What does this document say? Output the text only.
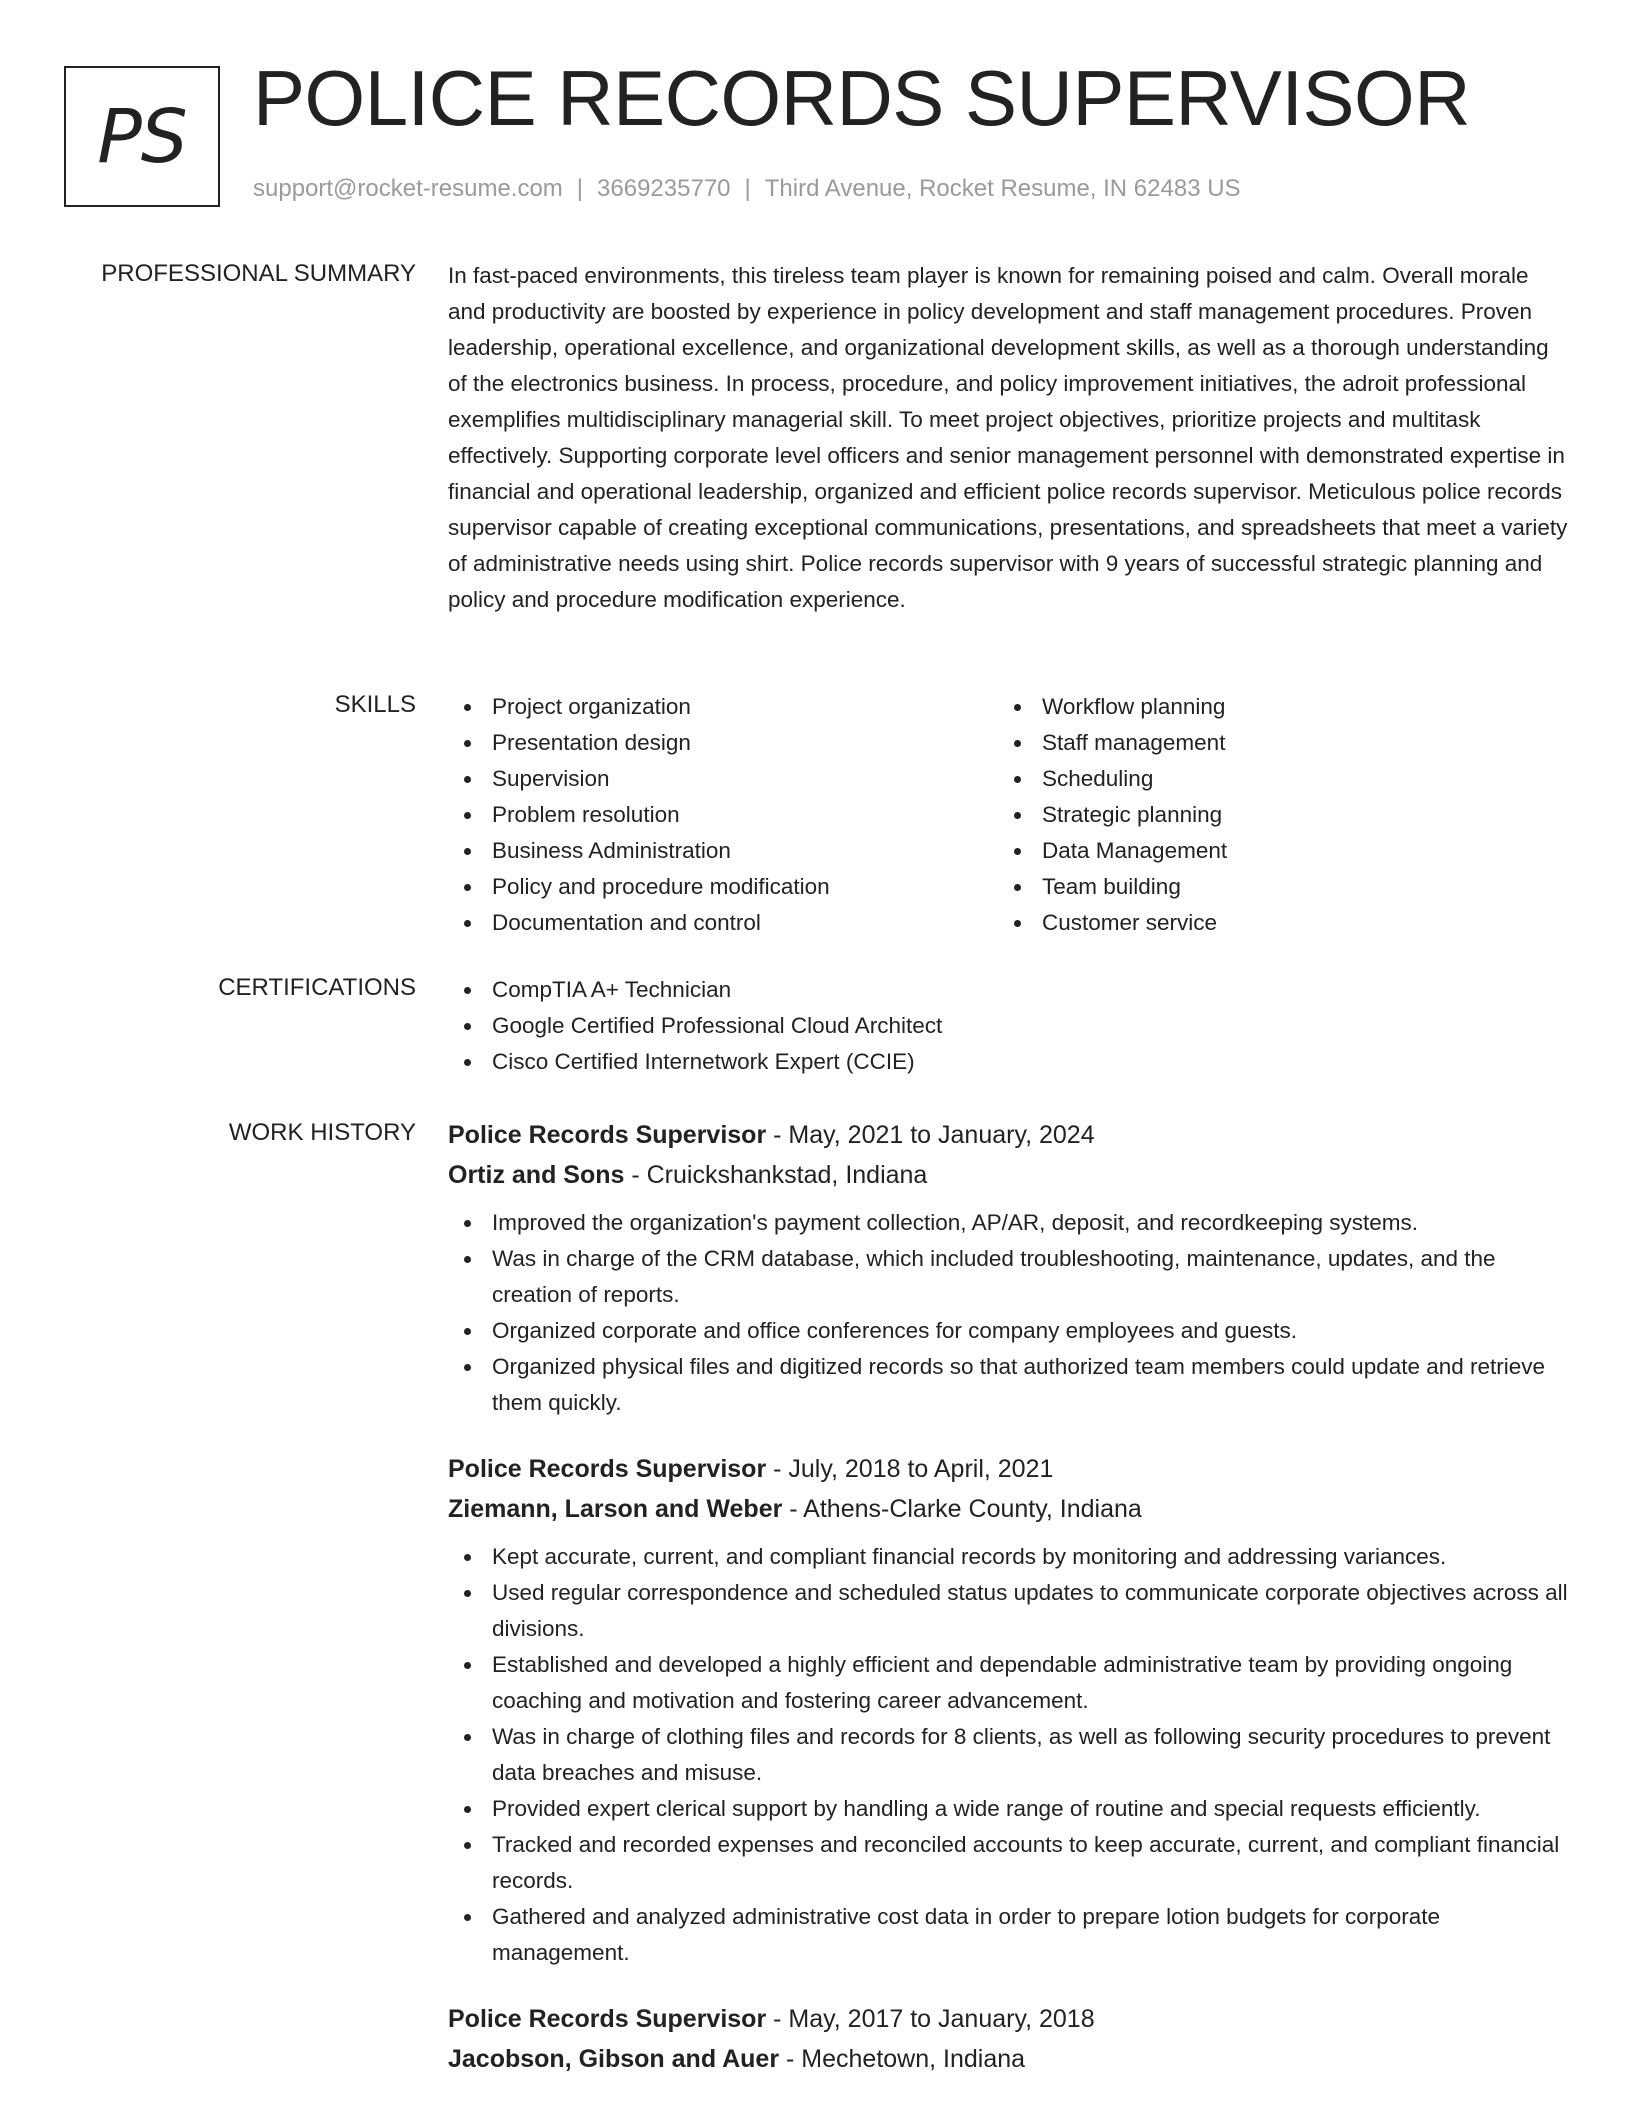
PS POLICE RECORDS SUPERVISOR
support@rocket-resume.com | 3669235770 | Third Avenue, Rocket Resume, IN 62483 US
PROFESSIONAL SUMMARY In fast-paced environments, this tireless team player is known for remaining poised and calm. Overall morale and productivity are boosted by experience in policy development and staff management procedures. Proven leadership, operational excellence, and organizational development skills, as well as a thorough understanding of the electronics business. In process, procedure, and policy improvement initiatives, the adroit professional exemplifies multidisciplinary managerial skill. To meet project objectives, prioritize projects and multitask effectively. Supporting corporate level officers and senior management personnel with demonstrated expertise in financial and operational leadership, organized and efficient police records supervisor. Meticulous police records supervisor capable of creating exceptional communications, presentations, and spreadsheets that meet a variety of administrative needs using shirt. Police records supervisor with 9 years of successful strategic planning and policy and procedure modification experience.

SKILLS	Project organization
Presentation design
Supervision
Problem resolution
Business Administration
Policy and procedure modification
Documentation and control
Workflow planning
Staff management
Scheduling
Strategic planning
Data Management
Team building
Customer service
CERTIFICATIONS	CompTIA A+ Technician
Google Certified Professional Cloud Architect
Cisco Certified Internetwork Expert (CCIE)
WORK HISTORY Police Records Supervisor - May, 2021 to January, 2024
Ortiz and Sons - Cruickshankstad, Indiana
Improved the organization's payment collection, AP/AR, deposit, and recordkeeping systems.
Was in charge of the CRM database, which included troubleshooting, maintenance, updates, and the creation of reports.
Organized corporate and office conferences for company employees and guests.
Organized physical files and digitized records so that authorized team members could update and retrieve them quickly.
Police Records Supervisor - July, 2018 to April, 2021
Ziemann, Larson and Weber - Athens-Clarke County, Indiana
Kept accurate, current, and compliant financial records by monitoring and addressing variances.
Used regular correspondence and scheduled status updates to communicate corporate objectives across all divisions.
Established and developed a highly efficient and dependable administrative team by providing ongoing coaching and motivation and fostering career advancement.
Was in charge of clothing files and records for 8 clients, as well as following security procedures to prevent data breaches and misuse.
Provided expert clerical support by handling a wide range of routine and special requests efficiently.
Tracked and recorded expenses and reconciled accounts to keep accurate, current, and compliant financial records.
Gathered and analyzed administrative cost data in order to prepare lotion budgets for corporate management.
Police Records Supervisor - May, 2017 to January, 2018
Jacobson, Gibson and Auer - Mechetown, Indiana
